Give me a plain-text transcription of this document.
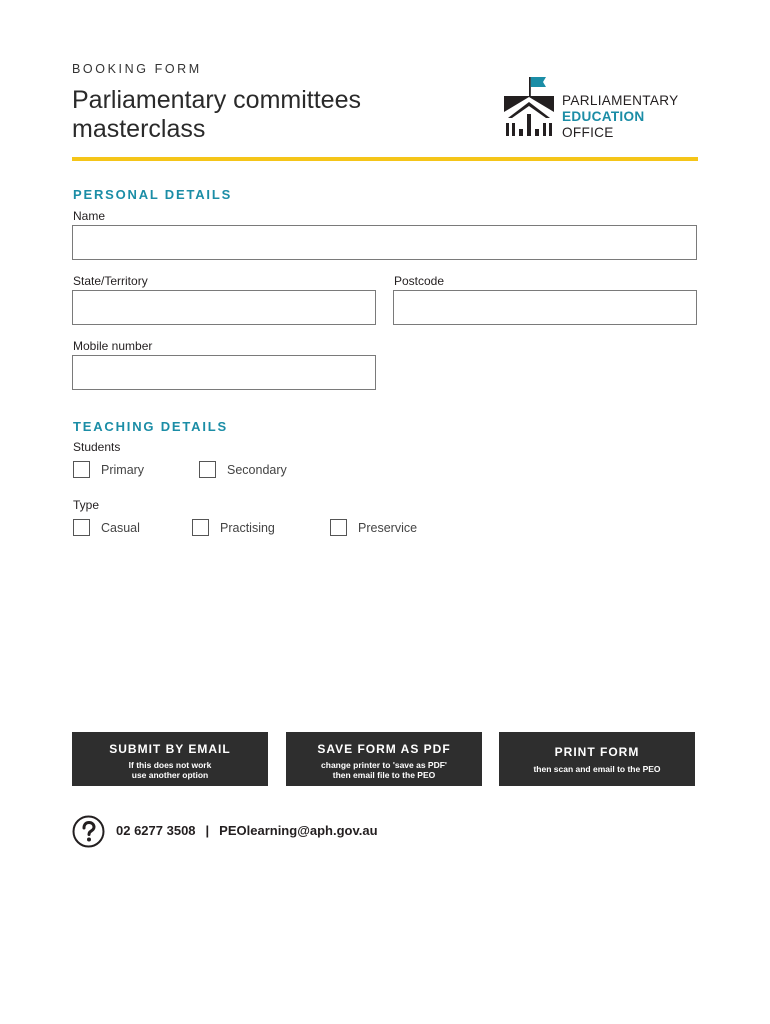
BOOKING FORM
Parliamentary committees masterclass
PARLIAMENTARY
EDUCATION
OFFICE
PERSONAL DETAILS
Name
State/Territory	Postcode
Mobile number
TEACHING DETAILS
Students
Primary	Secondary
Type
Casual	Practising	Preservice
SUBMIT BY EMAIL
If this does not work
use another option
SAVE FORM AS PDF
change printer to 'save as PDF'
then email file to the PEO
PRINT FORM
then scan and email to the PEO
02 6277 3508 | PEOlearning@aph.gov.au
